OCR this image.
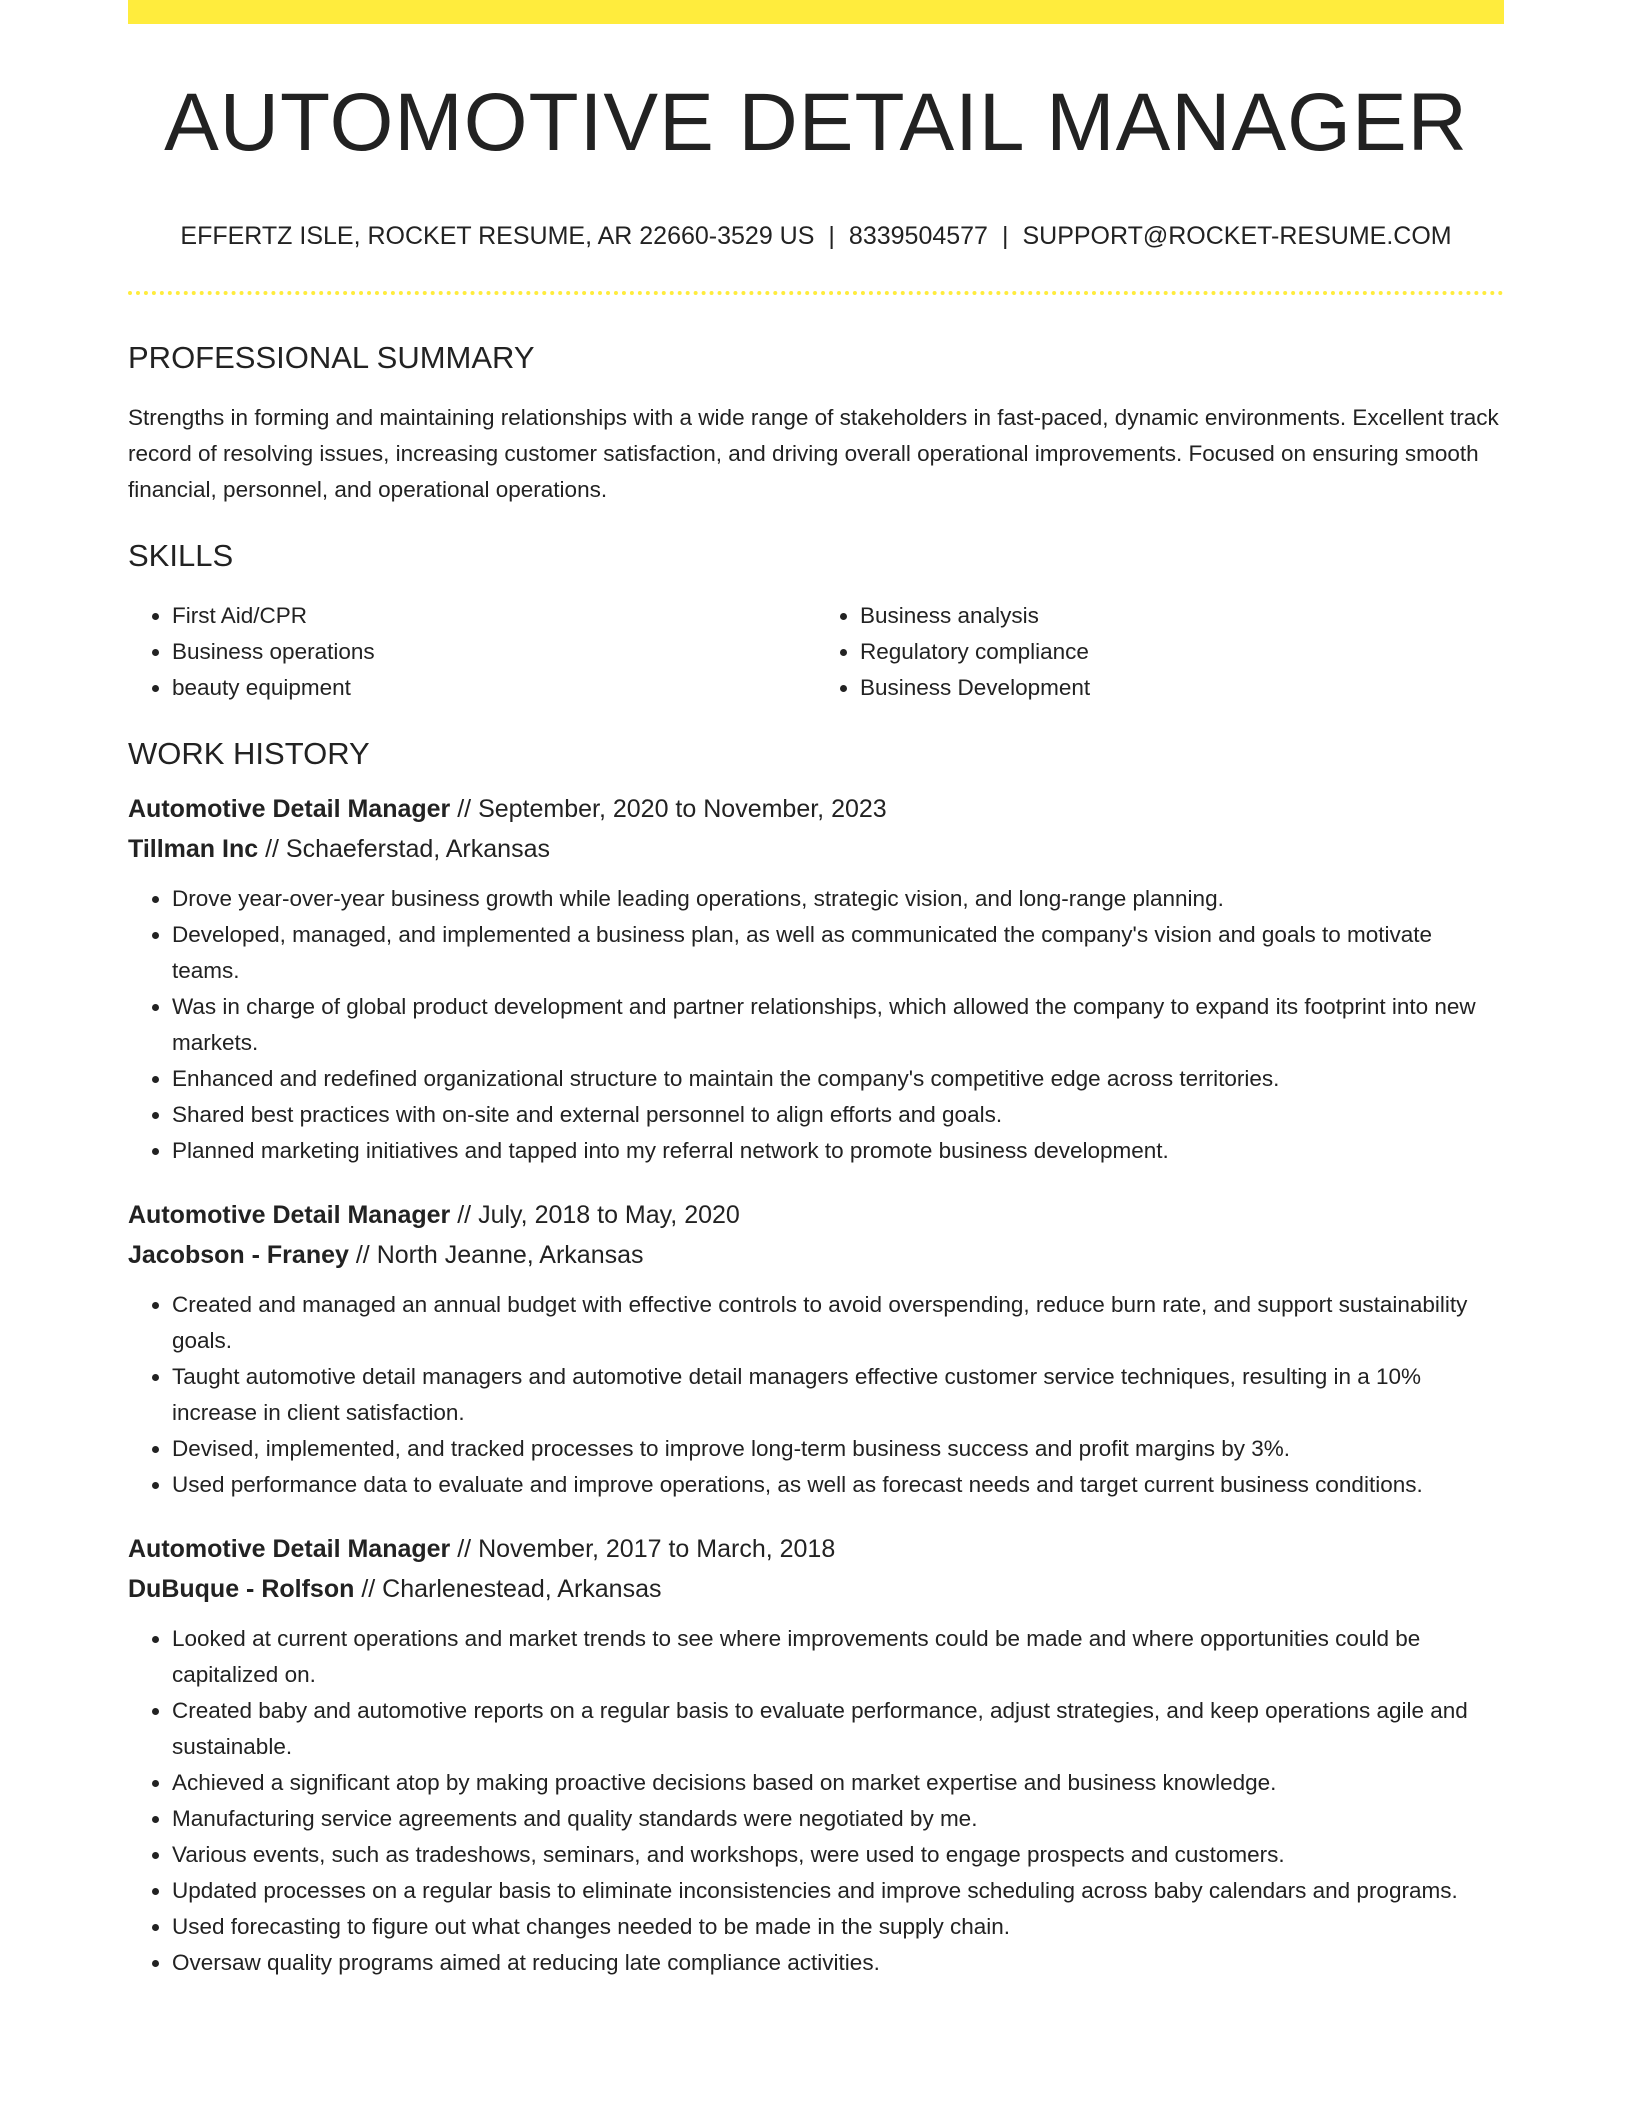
AUTOMOTIVE DETAIL MANAGER
EFFERTZ ISLE, ROCKET RESUME, AR 22660-3529 US | 8339504577 | SUPPORT@ROCKET-RESUME.COM
PROFESSIONAL SUMMARY
Strengths in forming and maintaining relationships with a wide range of stakeholders in fast-paced, dynamic environments. Excellent track record of resolving issues, increasing customer satisfaction, and driving overall operational improvements. Focused on ensuring smooth financial, personnel, and operational operations.
SKILLS
• First Aid/CPR
• Business operations
• beauty equipment
• Business analysis
• Regulatory compliance
• Business Development
WORK HISTORY
Automotive Detail Manager // September, 2020 to November, 2023
Tillman Inc // Schaeferstad, Arkansas
• Drove year-over-year business growth while leading operations, strategic vision, and long-range planning.
• Developed, managed, and implemented a business plan, as well as communicated the company's vision and goals to motivate teams.
• Was in charge of global product development and partner relationships, which allowed the company to expand its footprint into new markets.
• Enhanced and redefined organizational structure to maintain the company's competitive edge across territories.
• Shared best practices with on-site and external personnel to align efforts and goals.
• Planned marketing initiatives and tapped into my referral network to promote business development.
Automotive Detail Manager // July, 2018 to May, 2020
Jacobson - Franey // North Jeanne, Arkansas
• Created and managed an annual budget with effective controls to avoid overspending, reduce burn rate, and support sustainability goals.
• Taught automotive detail managers and automotive detail managers effective customer service techniques, resulting in a 10% increase in client satisfaction.
• Devised, implemented, and tracked processes to improve long-term business success and profit margins by 3%.
• Used performance data to evaluate and improve operations, as well as forecast needs and target current business conditions.
Automotive Detail Manager // November, 2017 to March, 2018
DuBuque - Rolfson // Charlenestead, Arkansas
• Looked at current operations and market trends to see where improvements could be made and where opportunities could be capitalized on.
• Created baby and automotive reports on a regular basis to evaluate performance, adjust strategies, and keep operations agile and sustainable.
• Achieved a significant atop by making proactive decisions based on market expertise and business knowledge.
• Manufacturing service agreements and quality standards were negotiated by me.
• Various events, such as tradeshows, seminars, and workshops, were used to engage prospects and customers.
• Updated processes on a regular basis to eliminate inconsistencies and improve scheduling across baby calendars and programs.
• Used forecasting to figure out what changes needed to be made in the supply chain.
• Oversaw quality programs aimed at reducing late compliance activities.
